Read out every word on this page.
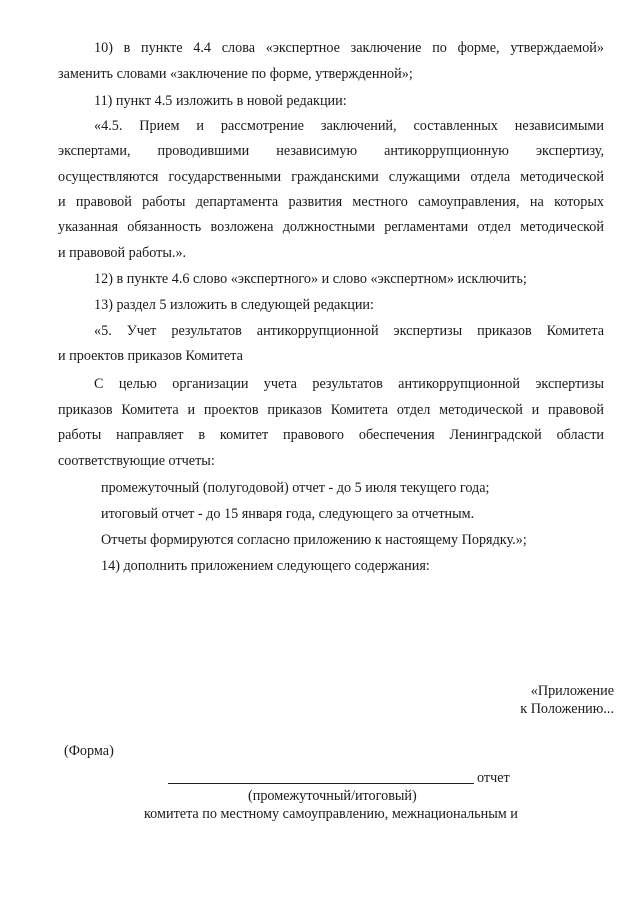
10) в пункте 4.4 слова «экспертное заключение по форме, утверждаемой»
заменить словами «заключение по форме, утвержденной»;
11) пункт 4.5 изложить в новой редакции:
«4.5. Прием и рассмотрение заключений, составленных независимыми
экспертами, проводившими независимую антикоррупционную экспертизу,
осуществляются государственными гражданскими служащими отдела методической
и правовой работы департамента развития местного самоуправления, на которых
указанная обязанность возложена должностными регламентами отдел методической
и правовой работы.».
12) в пункте 4.6 слово «экспертного» и слово «экспертном» исключить;
13) раздел 5 изложить в следующей редакции:
«5. Учет результатов антикоррупционной экспертизы приказов Комитета
и проектов приказов Комитета
С целью организации учета результатов антикоррупционной экспертизы
приказов Комитета и проектов приказов Комитета отдел методической и правовой
работы направляет в комитет правового обеспечения Ленинградской области
соответствующие отчеты:
промежуточный (полугодовой) отчет - до 5 июля текущего года;
итоговый отчет - до 15 января года, следующего за отчетным.
Отчеты формируются согласно приложению к настоящему Порядку.»;
14) дополнить приложением следующего содержания:
«Приложение
к Положению...
(Форма)
отчет
(промежуточный/итоговый)
комитета по местному самоуправлению, межнациональным и
